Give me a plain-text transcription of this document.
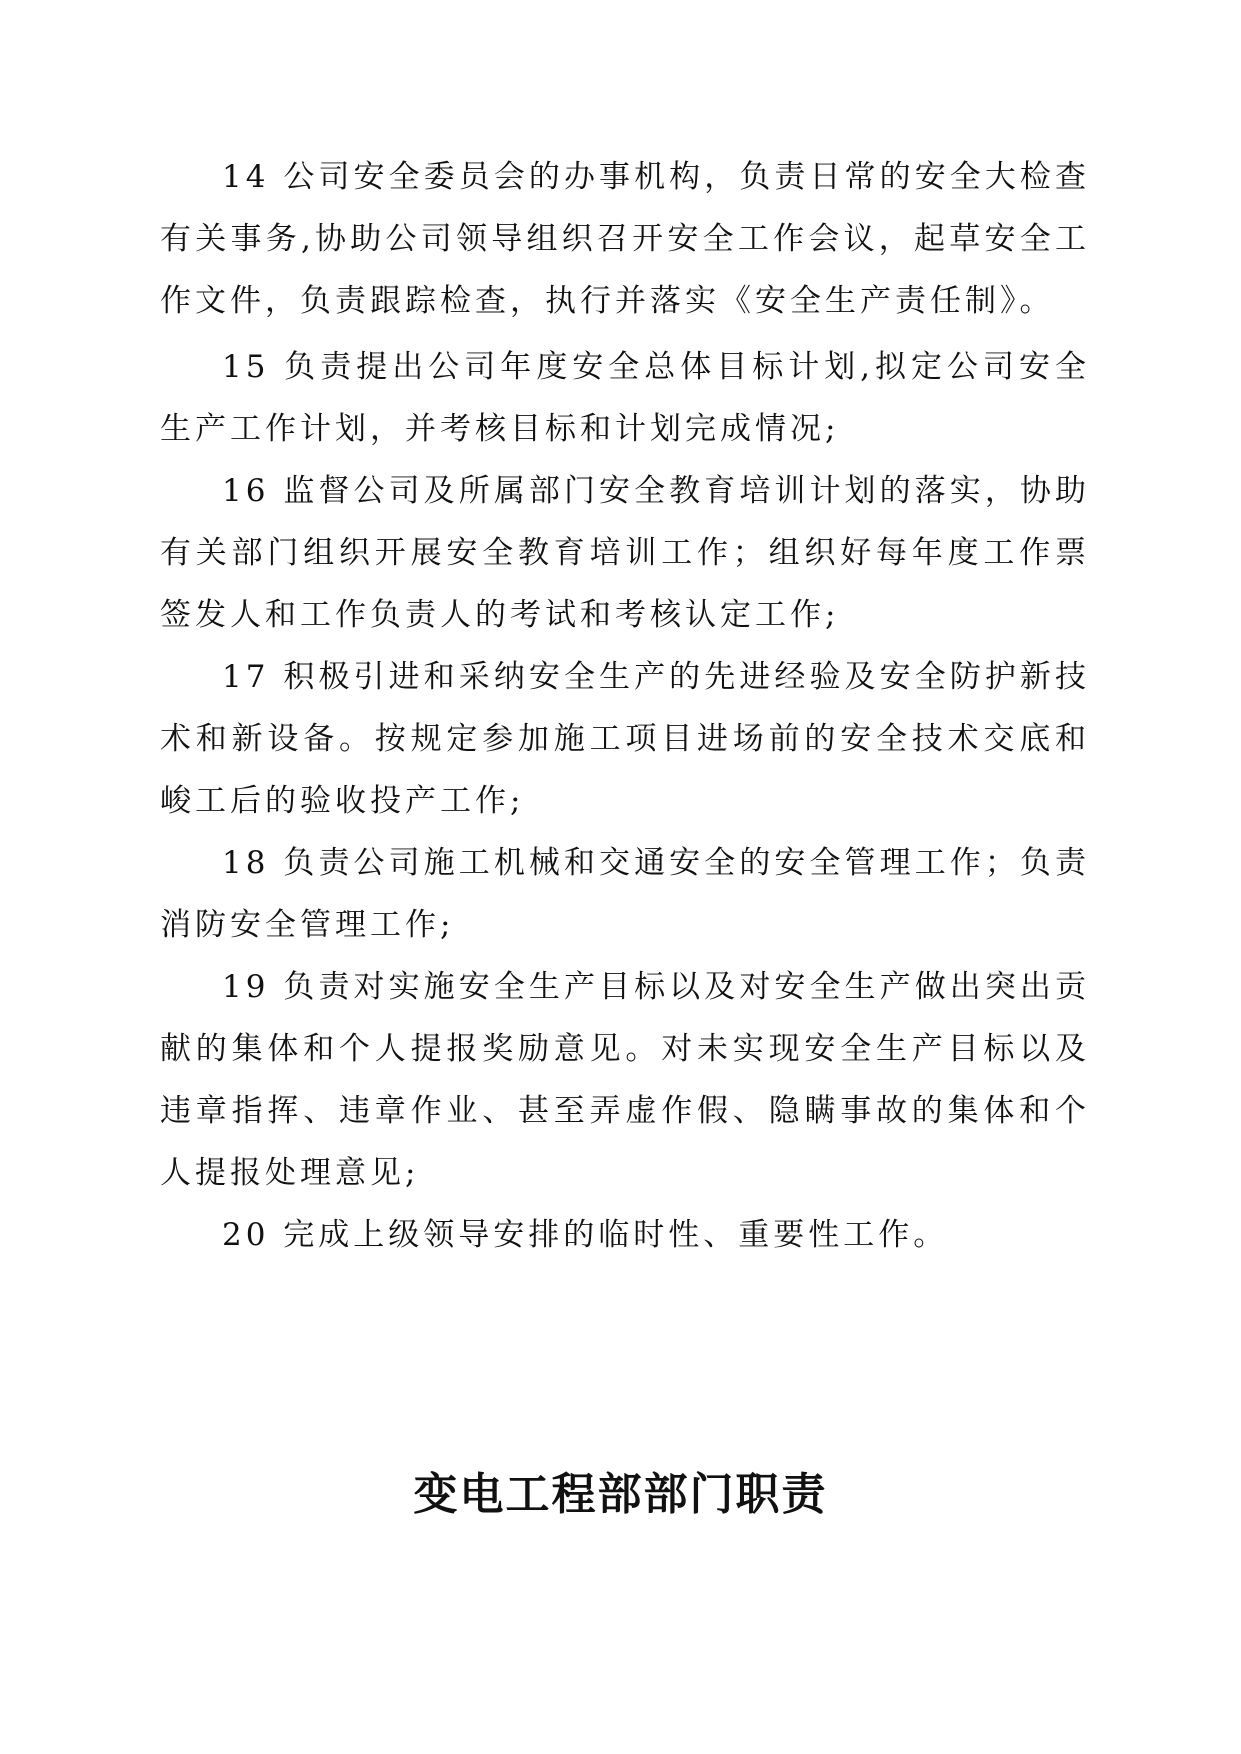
14 公司安全委员会的办事机构，负责日常的安全大检查有关事务,协助公司领导组织召开安全工作会议，起草安全工作文件，负责跟踪检查，执行并落实《安全生产责任制》。

15 负责提出公司年度安全总体目标计划,拟定公司安全生产工作计划，并考核目标和计划完成情况;

16 监督公司及所属部门安全教育培训计划的落实，协助有关部门组织开展安全教育培训工作；组织好每年度工作票签发人和工作负责人的考试和考核认定工作;

17 积极引进和采纳安全生产的先进经验及安全防护新技术和新设备。按规定参加施工项目进场前的安全技术交底和峻工后的验收投产工作;

18 负责公司施工机械和交通安全的安全管理工作；负责消防安全管理工作;

19 负责对实施安全生产目标以及对安全生产做出突出贡献的集体和个人提报奖励意见。对未实现安全生产目标以及违章指挥、违章作业、甚至弄虚作假、隐瞒事故的集体和个人提报处理意见;

20 完成上级领导安排的临时性、重要性工作。

变电工程部部门职责
